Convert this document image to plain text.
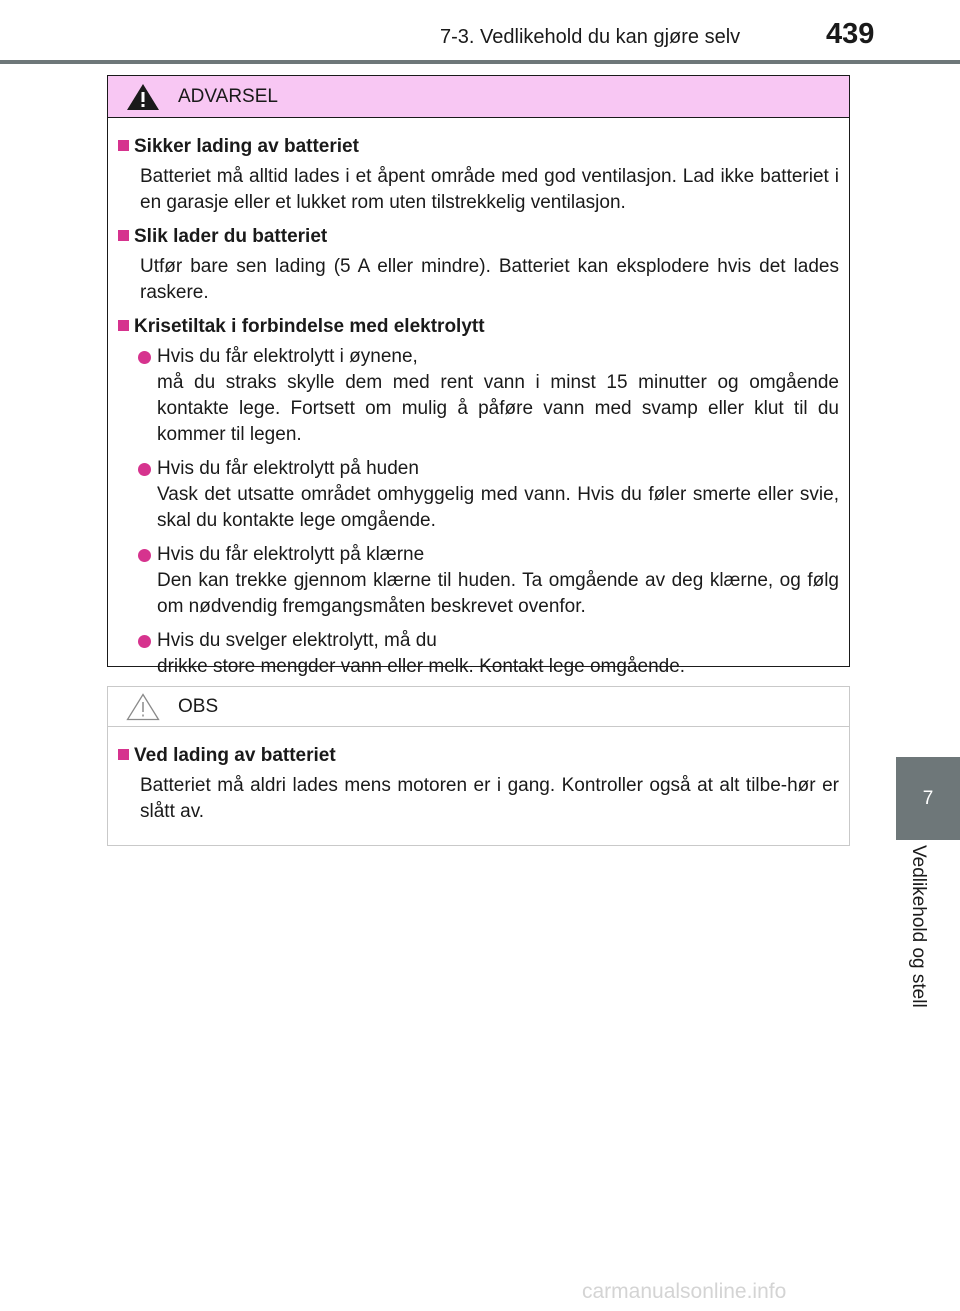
7-3. Vedlikehold du kan gjøre selv	439
7
Vedlikehold og stell
ADVARSEL
Sikker lading av batteriet
Batteriet må alltid lades i et åpent område med god ventilasjon. Lad ikke batteriet i en garasje eller et lukket rom uten tilstrekkelig ventilasjon.
Slik lader du batteriet
Utfør bare sen lading (5 A eller mindre). Batteriet kan eksplodere hvis det lades raskere.
Krisetiltak i forbindelse med elektrolytt
Hvis du får elektrolytt i øynene,
må du straks skylle dem med rent vann i minst 15 minutter og omgående kontakte lege. Fortsett om mulig å påføre vann med svamp eller klut til du kommer til legen.
Hvis du får elektrolytt på huden
Vask det utsatte området omhyggelig med vann. Hvis du føler smerte eller svie, skal du kontakte lege omgående.
Hvis du får elektrolytt på klærne
Den kan trekke gjennom klærne til huden. Ta omgående av deg klærne, og følg om nødvendig fremgangsmåten beskrevet ovenfor.
Hvis du svelger elektrolytt, må du
drikke store mengder vann eller melk. Kontakt lege omgående.
OBS
Ved lading av batteriet
Batteriet må aldri lades mens motoren er i gang. Kontroller også at alt tilbe-hør er slått av.
carmanualsonline.info
